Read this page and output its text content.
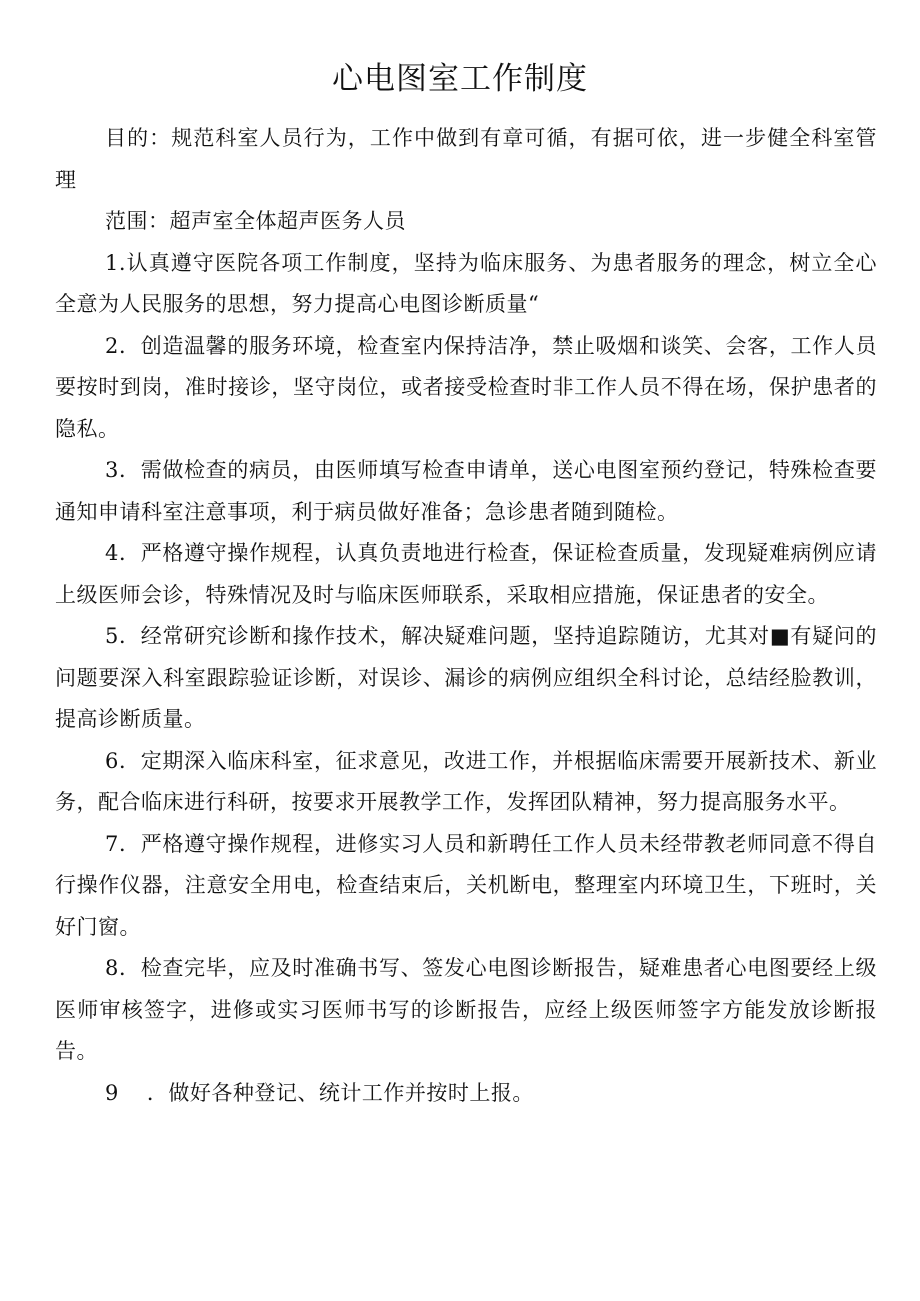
心电图室工作制度

目的：规范科室人员行为，工作中做到有章可循，有据可依，进一步健全科室管理

范围：超声室全体超声医务人员

1.认真遵守医院各项工作制度，坚持为临床服务、为患者服务的理念，树立全心全意为人民服务的思想，努力提高心电图诊断质量“

2．创造温馨的服务环境，检查室内保持洁净，禁止吸烟和谈笑、会客，工作人员要按时到岗，准时接诊，坚守岗位，或者接受检查时非工作人员不得在场，保护患者的隐私。

3．需做检查的病员，由医师填写检查申请单，送心电图室预约登记，特殊检查要通知申请科室注意事项，利于病员做好准备；急诊患者随到随检。

4．严格遵守操作规程，认真负责地进行检查，保证检查质量，发现疑难病例应请上级医师会诊，特殊情况及时与临床医师联系，采取相应措施，保证患者的安全。

5．经常研究诊断和掾作技术，解决疑难问题，坚持追踪随访，尤其对■有疑问的问题要深入科室跟踪验证诊断，对误诊、漏诊的病例应组织全科讨论，总结经脸教训，提高诊断质量。

6．定期深入临床科室，征求意见，改进工作，并根据临床需要开展新技术、新业务，配合临床进行科研，按要求开展教学工作，发挥团队精神，努力提高服务水平。

7．严格遵守操作规程，进修实习人员和新聘任工作人员未经带教老师同意不得自行操作仪器，注意安全用电，检查结束后，关机断电，整理室内环境卫生，下班时，关好门窗。

8．检查完毕，应及时准确书写、签发心电图诊断报告，疑难患者心电图要经上级医师审核签字，进修或实习医师书写的诊断报告，应经上级医师签字方能发放诊断报告。

9 ．做好各种登记、统计工作并按时上报。
